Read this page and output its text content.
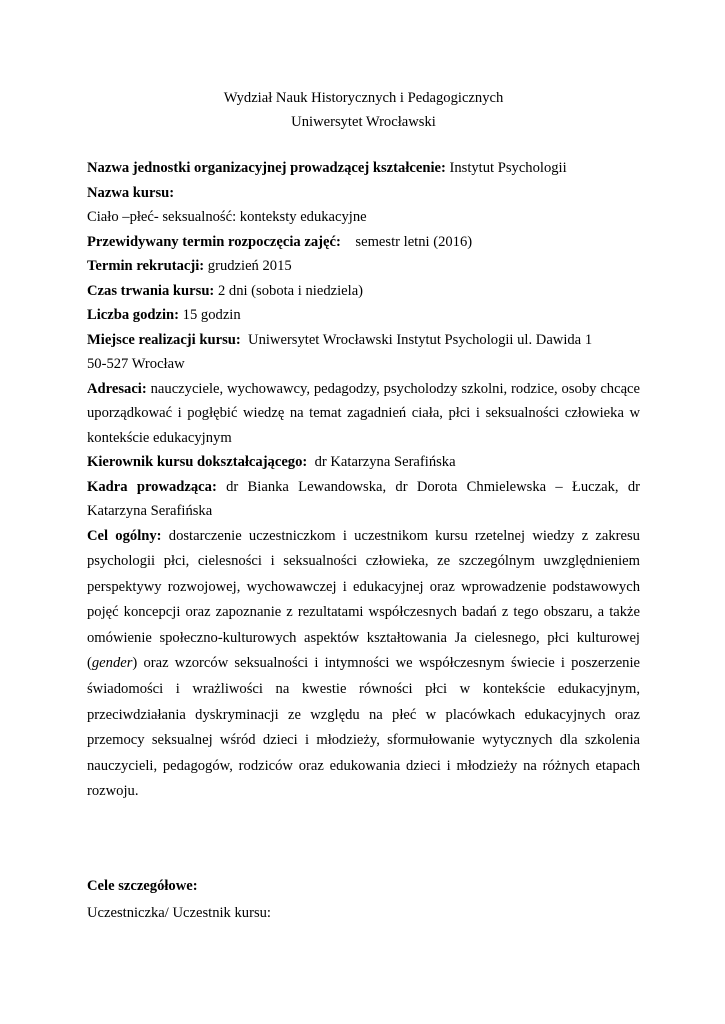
Wydział Nauk Historycznych i Pedagogicznych
Uniwersytet Wrocławski

Nazwa jednostki organizacyjnej prowadzącej kształcenie: Instytut Psychologii

Nazwa kursu:

Ciało –płeć- seksualność: konteksty edukacyjne

Przewidywany termin rozpoczęcia zajęć:    semestr letni (2016)

Termin rekrutacji: grudzień 2015

Czas trwania kursu: 2 dni (sobota i niedziela)

Liczba godzin: 15 godzin

Miejsce realizacji kursu:  Uniwersytet Wrocławski Instytut Psychologii ul. Dawida 1

50-527 Wrocław

Adresaci: nauczyciele, wychowawcy, pedagodzy, psycholodzy szkolni, rodzice, osoby chcące uporządkować i pogłębić wiedzę na temat zagadnień ciała, płci i seksualności człowieka w kontekście edukacyjnym

Kierownik kursu dokształcającego:  dr Katarzyna Serafińska

Kadra prowadząca: dr Bianka Lewandowska, dr Dorota Chmielewska – Łuczak, dr Katarzyna Serafińska

Cel ogólny: dostarczenie uczestniczkom i uczestnikom kursu rzetelnej wiedzy z zakresu psychologii płci, cielesności i seksualności człowieka, ze szczególnym uwzględnieniem perspektywy rozwojowej, wychowawczej i edukacyjnej oraz wprowadzenie podstawowych pojęć koncepcji oraz zapoznanie z rezultatami współczesnych badań z tego obszaru, a także omówienie społeczno-kulturowych aspektów kształtowania Ja cielesnego, płci kulturowej (gender) oraz wzorców seksualności i intymności we współczesnym świecie i poszerzenie świadomości i wrażliwości na kwestie równości płci w kontekście edukacyjnym, przeciwdziałania dyskryminacji ze względu na płeć w placówkach edukacyjnych oraz przemocy seksualnej wśród dzieci i młodzieży, sformułowanie wytycznych dla szkolenia nauczycieli, pedagogów, rodziców oraz edukowania dzieci i młodzieży na różnych etapach rozwoju.

Cele szczegółowe:

Uczestniczka/ Uczestnik kursu:
